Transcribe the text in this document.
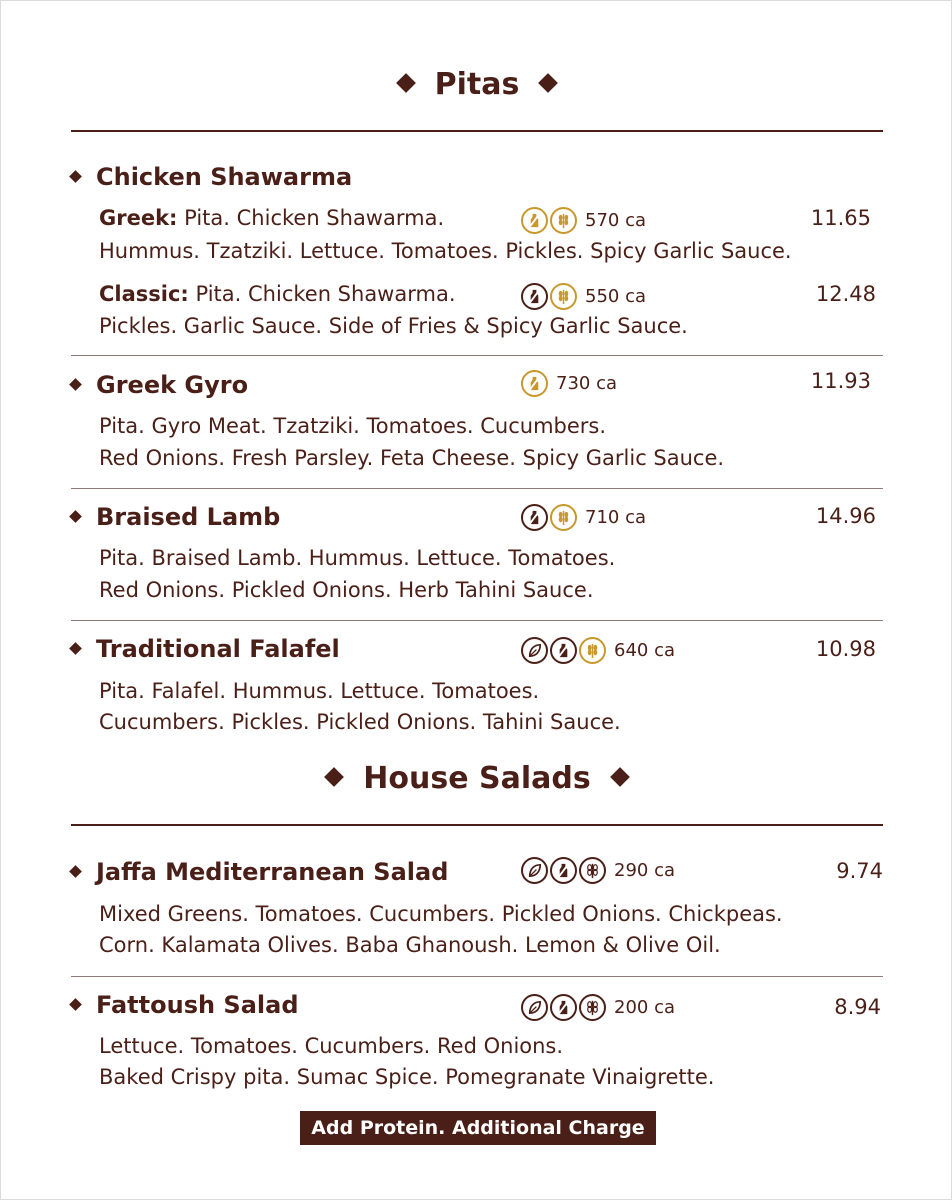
Pitas
Chicken Shawarma
Greek: Pita. Chicken Shawarma.	570 ca	11.65
Hummus. Tzatziki. Lettuce. Tomatoes. Pickles. Spicy Garlic Sauce.
Classic: Pita. Chicken Shawarma.	550 ca	12.48
Pickles. Garlic Sauce. Side of Fries & Spicy Garlic Sauce.
Greek Gyro	730 ca	11.93
Pita. Gyro Meat. Tzatziki. Tomatoes. Cucumbers.
Red Onions. Fresh Parsley. Feta Cheese. Spicy Garlic Sauce.
Braised Lamb	710 ca	14.96
Pita. Braised Lamb. Hummus. Lettuce. Tomatoes.
Red Onions. Pickled Onions. Herb Tahini Sauce.
Traditional Falafel	640 ca	10.98
Pita. Falafel. Hummus. Lettuce. Tomatoes.
Cucumbers. Pickles. Pickled Onions. Tahini Sauce.
House Salads
Jaffa Mediterranean Salad	290 ca	9.74
Mixed Greens. Tomatoes. Cucumbers. Pickled Onions. Chickpeas.
Corn. Kalamata Olives. Baba Ghanoush. Lemon & Olive Oil.
Fattoush Salad	200 ca	8.94
Lettuce. Tomatoes. Cucumbers. Red Onions.
Baked Crispy pita. Sumac Spice. Pomegranate Vinaigrette.
Add Protein. Additional Charge
